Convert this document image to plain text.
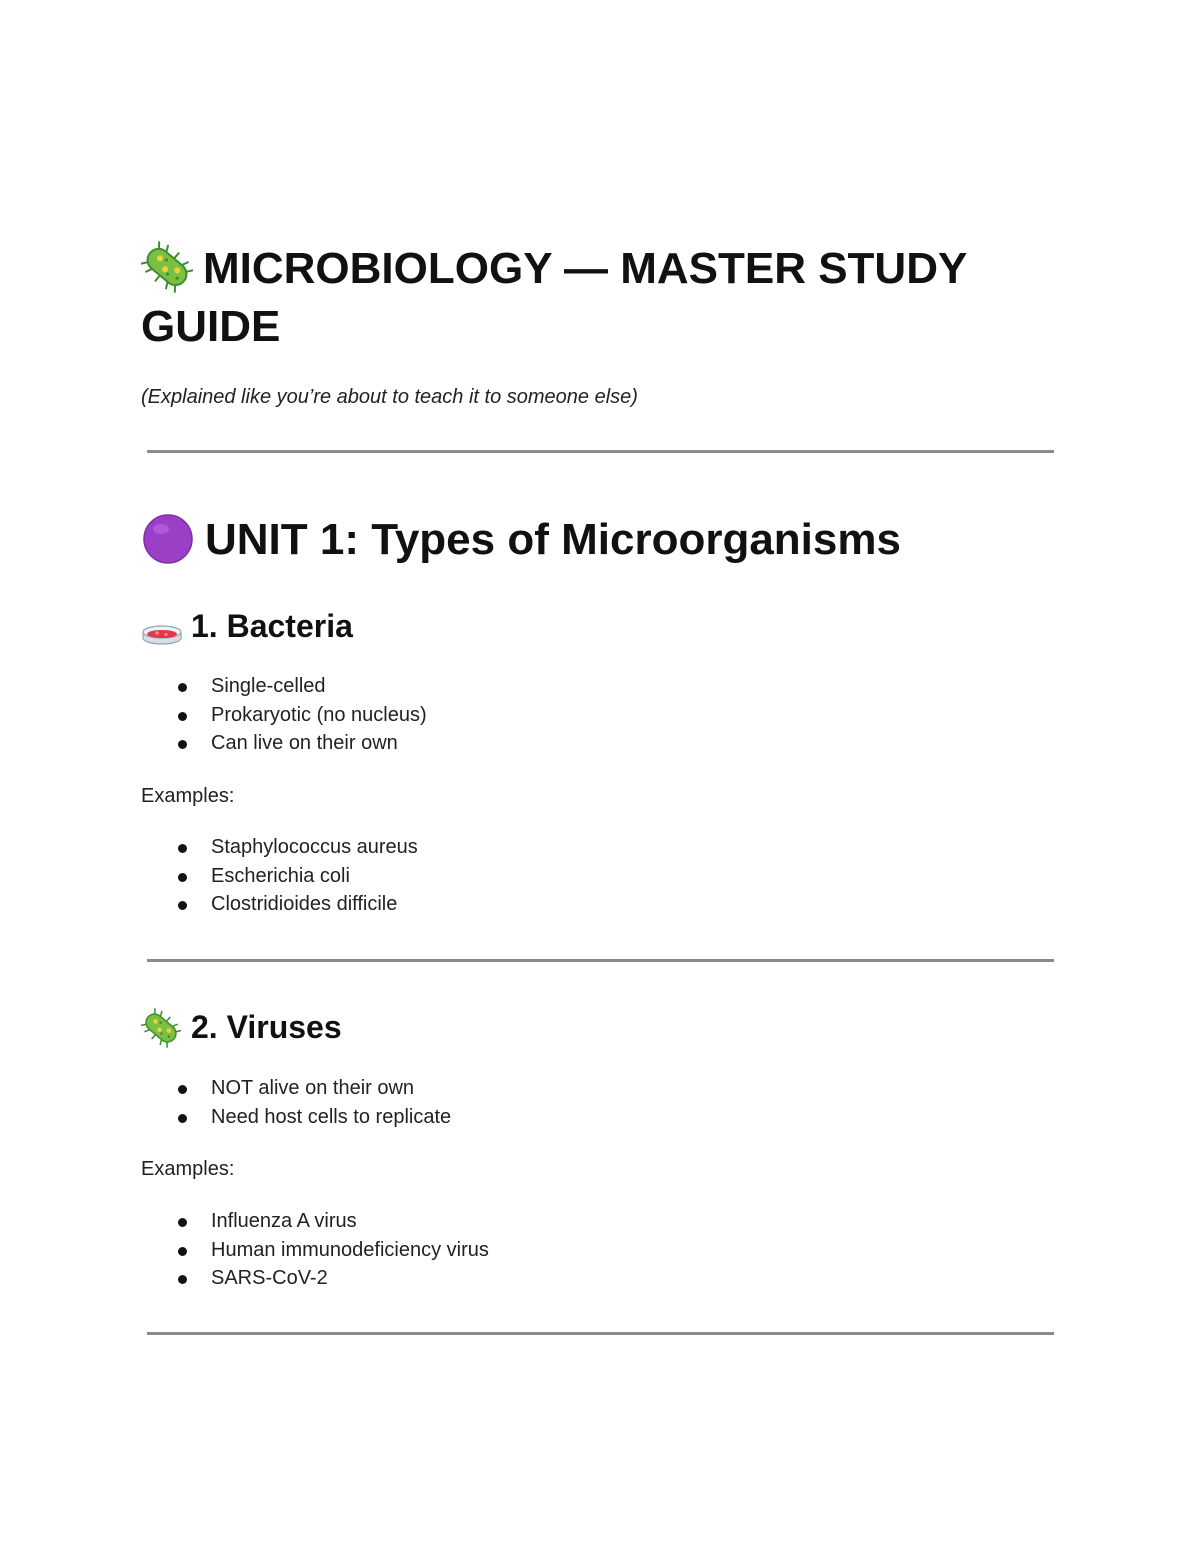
MICROBIOLOGY — MASTER STUDY GUIDE

(Explained like you’re about to teach it to someone else)

UNIT 1: Types of Microorganisms
1. Bacteria
Single-celled
Prokaryotic (no nucleus)
Can live on their own

Examples:

Staphylococcus aureus
Escherichia coli
Clostridioides difficile
2. Viruses
NOT alive on their own
Need host cells to replicate

Examples:

Influenza A virus
Human immunodeficiency virus
SARS-CoV-2
